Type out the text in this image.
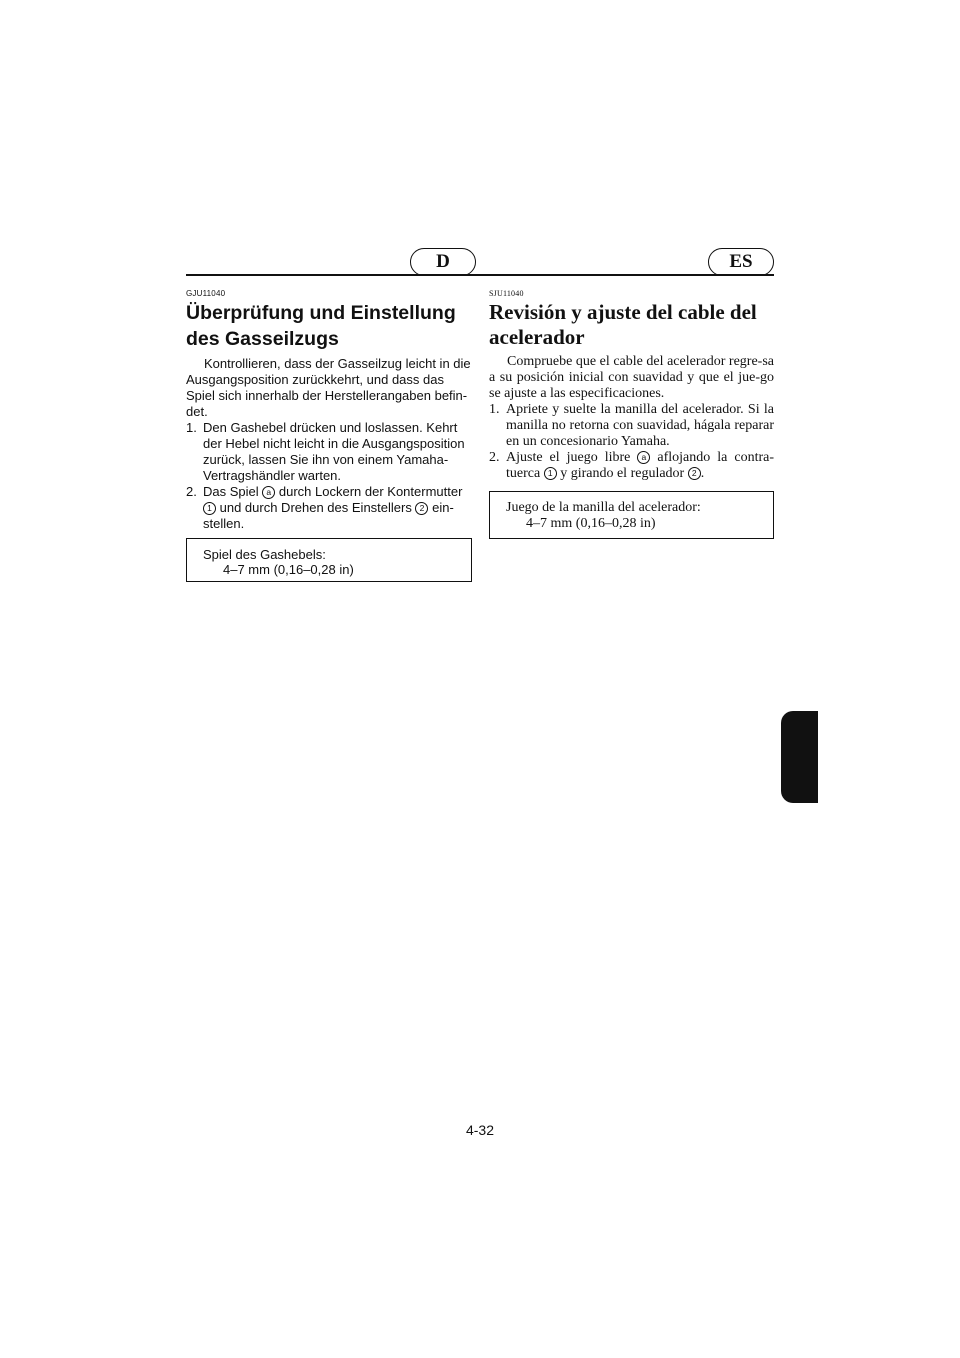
D	ES
GJU11040
Überprüfung und Einstellung des Gasseilzugs

Kontrollieren, dass der Gasseilzug leicht in die Ausgangsposition zurückkehrt, und dass das Spiel sich innerhalb der Herstellerangaben befin-det.

1. Den Gashebel drücken und loslassen. Kehrt der Hebel nicht leicht in die Ausgangsposition zurück, lassen Sie ihn von einem Yamaha-Vertragshändler warten.
2. Das Spiel a durch Lockern der Kontermutter 1 und durch Drehen des Einstellers 2 ein-stellen.
Spiel des Gashebels:
4–7 mm (0,16–0,28 in)
SJU11040
Revisión y ajuste del cable del acelerador

Compruebe que el cable del acelerador regre-sa a su posición inicial con suavidad y que el jue-go se ajuste a las especificaciones.

1. Apriete y suelte la manilla del acelerador. Si la manilla no retorna con suavidad, hágala reparar en un concesionario Yamaha.
2. Ajuste el juego libre a aflojando la contra-tuerca 1 y girando el regulador 2 .
Juego de la manilla del acelerador:
4–7 mm (0,16–0,28 in)
4-32
